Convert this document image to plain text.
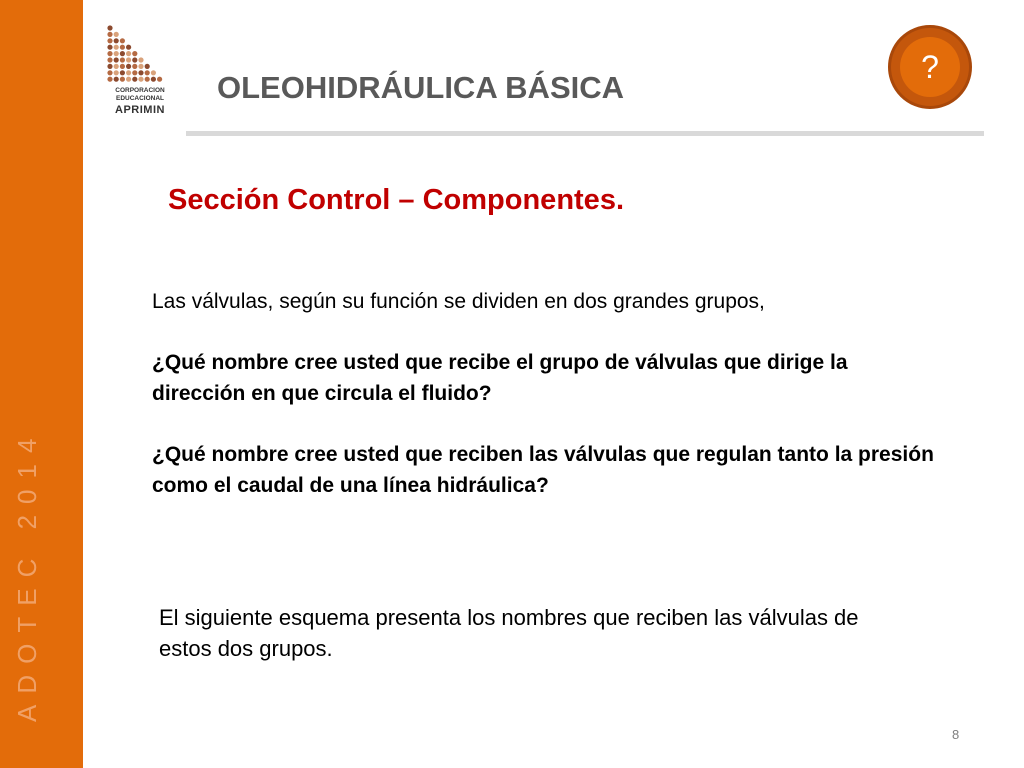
ADOTEC 2014
CORPORACION
EDUCACIONAL
APRIMIN
OLEOHIDRÁULICA BÁSICA
?
Sección Control – Componentes.
Las válvulas, según su función se dividen en dos grandes grupos,
¿Qué nombre cree usted que recibe el grupo de válvulas que dirige la dirección en que circula el fluido?
¿Qué nombre cree usted que reciben las válvulas que regulan tanto la presión como el caudal de una línea hidráulica?
El siguiente esquema presenta los nombres que reciben las válvulas de estos dos grupos.
8
